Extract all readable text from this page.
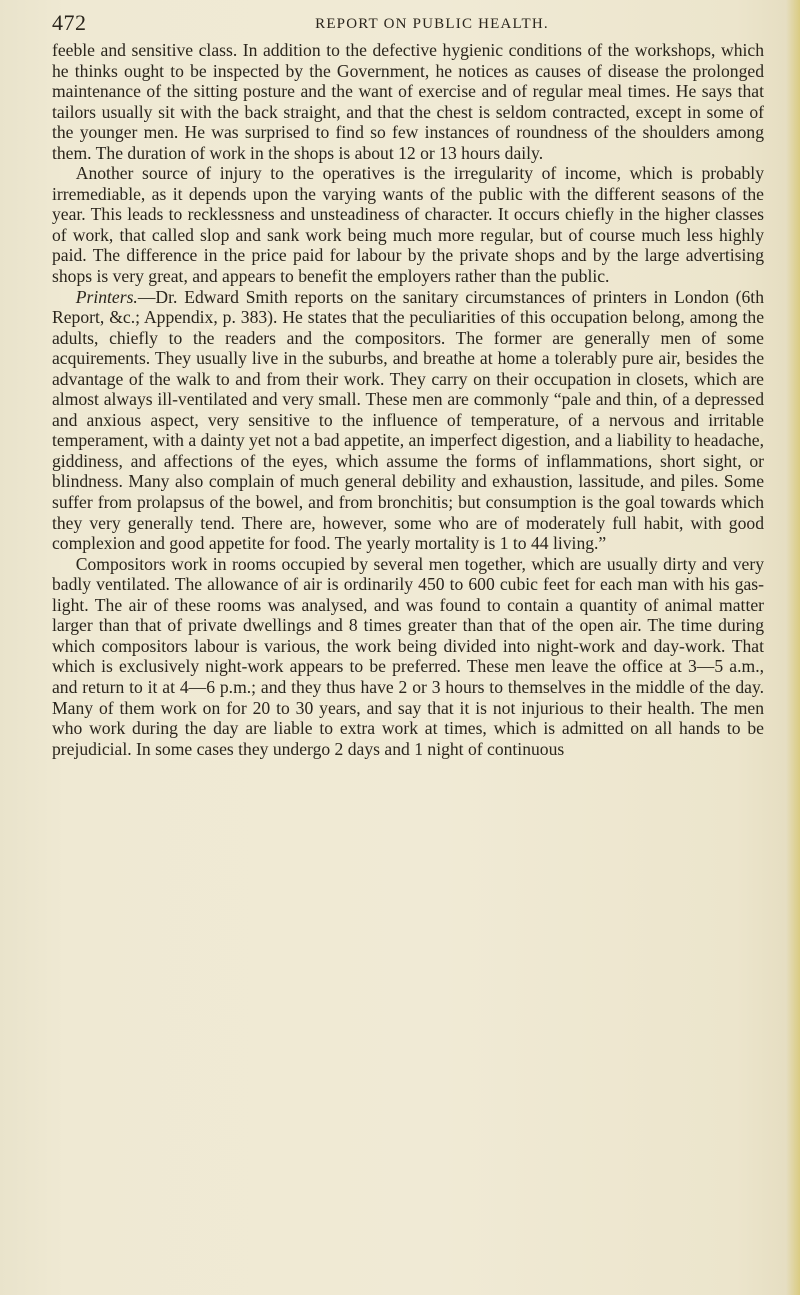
472	REPORT ON PUBLIC HEALTH.

feeble and sensitive class. In addition to the defective hygienic conditions of the workshops, which he thinks ought to be inspected by the Government, he notices as causes of disease the prolonged maintenance of the sitting posture and the want of exercise and of regular meal times. He says that tailors usually sit with the back straight, and that the chest is seldom contracted, except in some of the younger men. He was surprised to find so few instances of roundness of the shoulders among them. The duration of work in the shops is about 12 or 13 hours daily.

Another source of injury to the operatives is the irregularity of income, which is probably irremediable, as it depends upon the varying wants of the public with the different seasons of the year. This leads to recklessness and unsteadiness of character. It occurs chiefly in the higher classes of work, that called slop and sank work being much more regular, but of course much less highly paid. The difference in the price paid for labour by the private shops and by the large advertising shops is very great, and appears to benefit the employers rather than the public.

Printers.—Dr. Edward Smith reports on the sanitary circumstances of printers in London (6th Report, &c.; Appendix, p. 383). He states that the peculiarities of this occupation belong, among the adults, chiefly to the readers and the compositors. The former are generally men of some acquirements. They usually live in the suburbs, and breathe at home a tolerably pure air, besides the advantage of the walk to and from their work. They carry on their occupation in closets, which are almost always ill-ventilated and very small. These men are commonly “pale and thin, of a depressed and anxious aspect, very sensitive to the influence of temperature, of a nervous and irritable temperament, with a dainty yet not a bad appetite, an imperfect digestion, and a liability to headache, giddiness, and affections of the eyes, which assume the forms of inflammations, short sight, or blindness. Many also complain of much general debility and exhaustion, lassitude, and piles. Some suffer from prolapsus of the bowel, and from bronchitis; but consumption is the goal towards which they very generally tend. There are, however, some who are of moderately full habit, with good complexion and good appetite for food. The yearly mortality is 1 to 44 living.”

Compositors work in rooms occupied by several men together, which are usually dirty and very badly ventilated. The allowance of air is ordinarily 450 to 600 cubic feet for each man with his gas-light. The air of these rooms was analysed, and was found to contain a quantity of animal matter larger than that of private dwellings and 8 times greater than that of the open air. The time during which compositors labour is various, the work being divided into night-work and day-work. That which is exclusively night-work appears to be preferred. These men leave the office at 3—5 a.m., and return to it at 4—6 p.m.; and they thus have 2 or 3 hours to themselves in the middle of the day. Many of them work on for 20 to 30 years, and say that it is not injurious to their health. The men who work during the day are liable to extra work at times, which is admitted on all hands to be prejudicial. In some cases they undergo 2 days and 1 night of continuous
